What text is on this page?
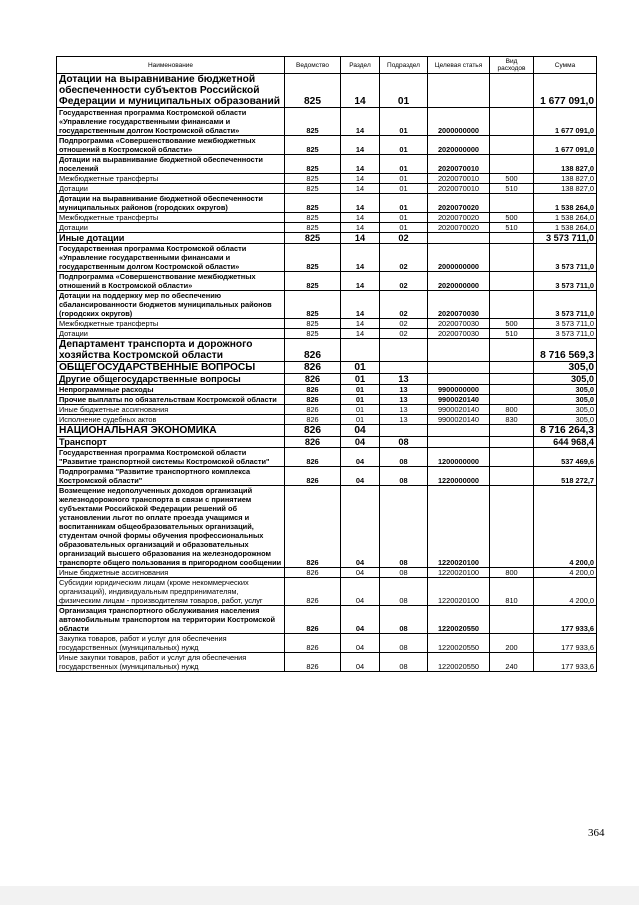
Наименование	Ведомство	Раздел	Подраздел	Целевая статья	Вид расходов	Сумма
Дотации на выравнивание бюджетной обеспеченности субъектов Российской Федерации и муниципальных образований	825	14	01			1 677 091,0
Государственная программа Костромской области «Управление государственными финансами и государственным долгом Костромской области»	825	14	01	2000000000		1 677 091,0
Подпрограмма «Совершенствование межбюджетных отношений в Костромской области»	825	14	01	2020000000		1 677 091,0
Дотации на выравнивание бюджетной обеспеченности поселений	825	14	01	2020070010		138 827,0
Межбюджетные трансферты	825	14	01	2020070010	500	138 827,0
Дотации	825	14	01	2020070010	510	138 827,0
Дотации на выравнивание бюджетной обеспеченности муниципальных районов (городских округов)	825	14	01	2020070020		1 538 264,0
Межбюджетные трансферты	825	14	01	2020070020	500	1 538 264,0
Дотации	825	14	01	2020070020	510	1 538 264,0
Иные дотации	825	14	02			3 573 711,0
Государственная программа Костромской области «Управление государственными финансами и государственным долгом Костромской области»	825	14	02	2000000000		3 573 711,0
Подпрограмма «Совершенствование межбюджетных отношений в Костромской области»	825	14	02	2020000000		3 573 711,0
Дотации на поддержку мер по обеспечению сбалансированности бюджетов муниципальных районов (городских округов)	825	14	02	2020070030		3 573 711,0
Межбюджетные трансферты	825	14	02	2020070030	500	3 573 711,0
Дотации	825	14	02	2020070030	510	3 573 711,0
Департамент транспорта и дорожного хозяйства Костромской области	826					8 716 569,3
ОБЩЕГОСУДАРСТВЕННЫЕ ВОПРОСЫ	826	01				305,0
Другие общегосударственные вопросы	826	01	13			305,0
Непрограммные расходы	826	01	13	9900000000		305,0
Прочие выплаты по обязательствам Костромской области	826	01	13	9900020140		305,0
Иные бюджетные ассигнования	826	01	13	9900020140	800	305,0
Исполнение судебных актов	826	01	13	9900020140	830	305,0
НАЦИОНАЛЬНАЯ ЭКОНОМИКА	826	04				8 716 264,3
Транспорт	826	04	08			644 968,4
Государственная программа Костромской области "Развитие транспортной системы Костромской области"	826	04	08	1200000000		537 469,6
Подпрограмма "Развитие транспортного комплекса Костромской области"	826	04	08	1220000000		518 272,7
Возмещение недополученных доходов организаций железнодорожного транспорта в связи с принятием субъектами Российской Федерации решений об установлении льгот по оплате проезда учащимся и воспитанникам общеобразовательных организаций, студентам очной формы обучения профессиональных образовательных организаций и образовательных организаций высшего образования на железнодорожном транспорте общего пользования в пригородном сообщении	826	04	08	1220020100		4 200,0
Иные бюджетные ассигнования	826	04	08	1220020100	800	4 200,0
Субсидии юридическим лицам (кроме некоммерческих организаций), индивидуальным предпринимателям, физическим лицам - производителям товаров, работ, услуг	826	04	08	1220020100	810	4 200,0
Организация транспортного обслуживания населения автомобильным транспортом на территории Костромской области	826	04	08	1220020550		177 933,6
Закупка товаров, работ и услуг для обеспечения государственных (муниципальных) нужд	826	04	08	1220020550	200	177 933,6
Иные закупки товаров, работ и услуг для обеспечения государственных (муниципальных) нужд	826	04	08	1220020550	240	177 933,6
364
